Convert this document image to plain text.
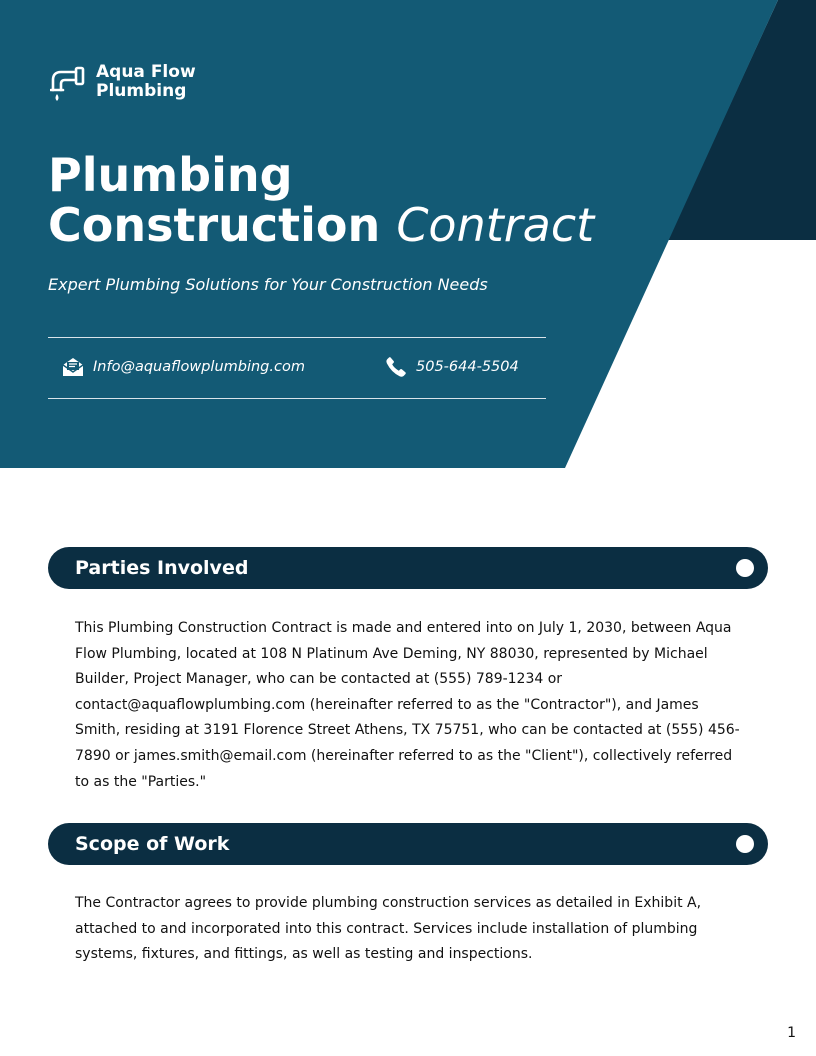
Aqua Flow
Plumbing
Plumbing
Construction Contract
Expert Plumbing Solutions for Your Construction Needs
Info@aquaflowplumbing.com	505-644-5504
Parties Involved

This Plumbing Construction Contract is made and entered into on July 1, 2030, between Aqua Flow Plumbing, located at 108 N Platinum Ave Deming, NY 88030, represented by Michael Builder, Project Manager, who can be contacted at (555) 789-1234 or contact@aquaflowplumbing.com (hereinafter referred to as the "Contractor"), and James Smith, residing at 3191 Florence Street Athens, TX 75751, who can be contacted at (555) 456-7890 or james.smith@email.com (hereinafter referred to as the "Client"), collectively referred to as the "Parties."

Scope of Work

The Contractor agrees to provide plumbing construction services as detailed in Exhibit A, attached to and incorporated into this contract. Services include installation of plumbing systems, fixtures, and fittings, as well as testing and inspections.

1
